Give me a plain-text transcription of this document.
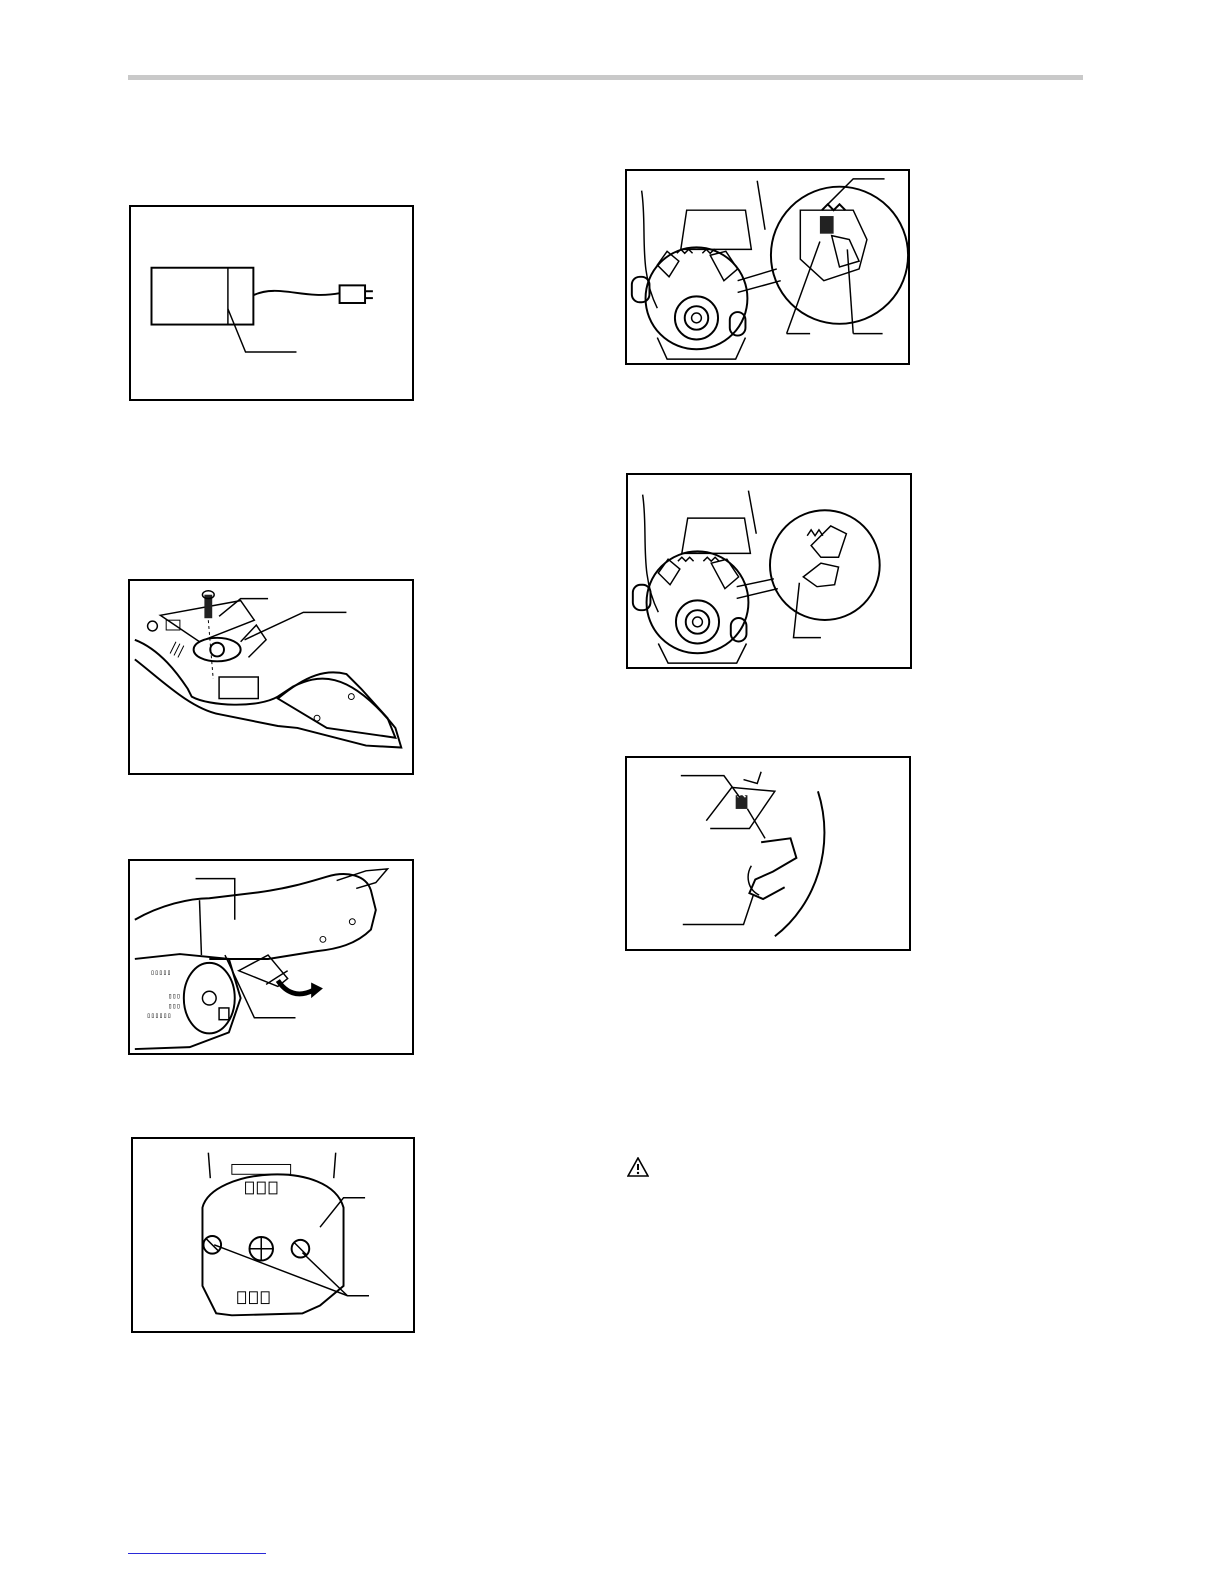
▯▯▯▯▯
▯▯▯
▯▯▯
▯▯▯▯▯▯
